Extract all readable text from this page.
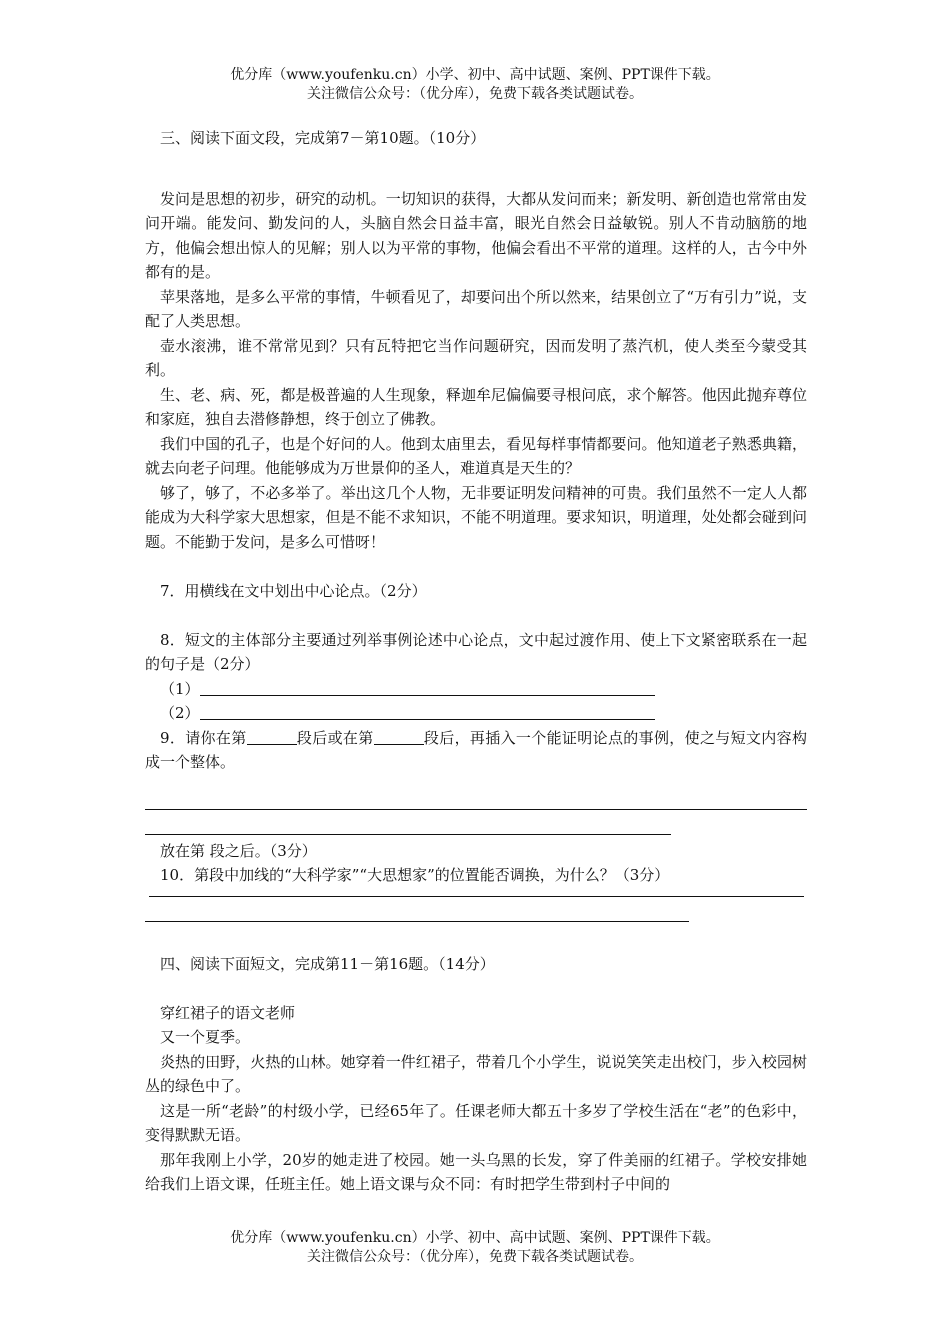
优分库（www.youfenku.cn）小学、初中、高中试题、案例、PPT课件下载。
关注微信公众号：（优分库），免费下载各类试题试卷。

三、阅读下面文段，完成第7－第10题。（10分）

发问是思想的初步，研究的动机。一切知识的获得，大都从发问而来；新发明、新创造也常常由发问开端。能发问、勤发问的人，头脑自然会日益丰富，眼光自然会日益敏锐。别人不肯动脑筋的地方，他偏会想出惊人的见解；别人以为平常的事物，他偏会看出不平常的道理。这样的人，古今中外都有的是。

苹果落地，是多么平常的事情，牛顿看见了，却要问出个所以然来，结果创立了“万有引力”说，支配了人类思想。

壶水滚沸，谁不常常见到？只有瓦特把它当作问题研究，因而发明了蒸汽机，使人类至今蒙受其利。

生、老、病、死，都是极普遍的人生现象，释迦牟尼偏偏要寻根问底，求个解答。他因此抛弃尊位和家庭，独自去潜修静想，终于创立了佛教。

我们中国的孔子，也是个好问的人。他到太庙里去，看见每样事情都要问。他知道老子熟悉典籍，就去向老子问理。他能够成为万世景仰的圣人，难道真是天生的？

够了，够了，不必多举了。举出这几个人物，无非要证明发问精神的可贵。我们虽然不一定人人都能成为大科学家大思想家，但是不能不求知识，不能不明道理。要求知识，明道理，处处都会碰到问题。不能勤于发问，是多么可惜呀！

7．用横线在文中划出中心论点。（2分）

8．短文的主体部分主要通过列举事例论述中心论点，文中起过渡作用、使上下文紧密联系在一起的句子是（2分）

（1）

（2）

9．请你在第	段后或在第	段后，再插入一个能证明论点的事例，使之与短文内容构成一个整体。

放在第 段之后。（3分）

10．第段中加线的“大科学家”“大思想家”的位置能否调换，为什么？（3分）

四、阅读下面短文，完成第11－第16题。（14分）

穿红裙子的语文老师

又一个夏季。

炎热的田野，火热的山林。她穿着一件红裙子，带着几个小学生，说说笑笑走出校门，步入校园树丛的绿色中了。

这是一所“老龄”的村级小学，已经65年了。任课老师大都五十多岁了学校生活在“老”的色彩中，变得默默无语。

那年我刚上小学，20岁的她走进了校园。她一头乌黑的长发，穿了件美丽的红裙子。学校安排她给我们上语文课，任班主任。她上语文课与众不同：有时把学生带到村子中间的

优分库（www.youfenku.cn）小学、初中、高中试题、案例、PPT课件下载。
关注微信公众号：（优分库），免费下载各类试题试卷。
